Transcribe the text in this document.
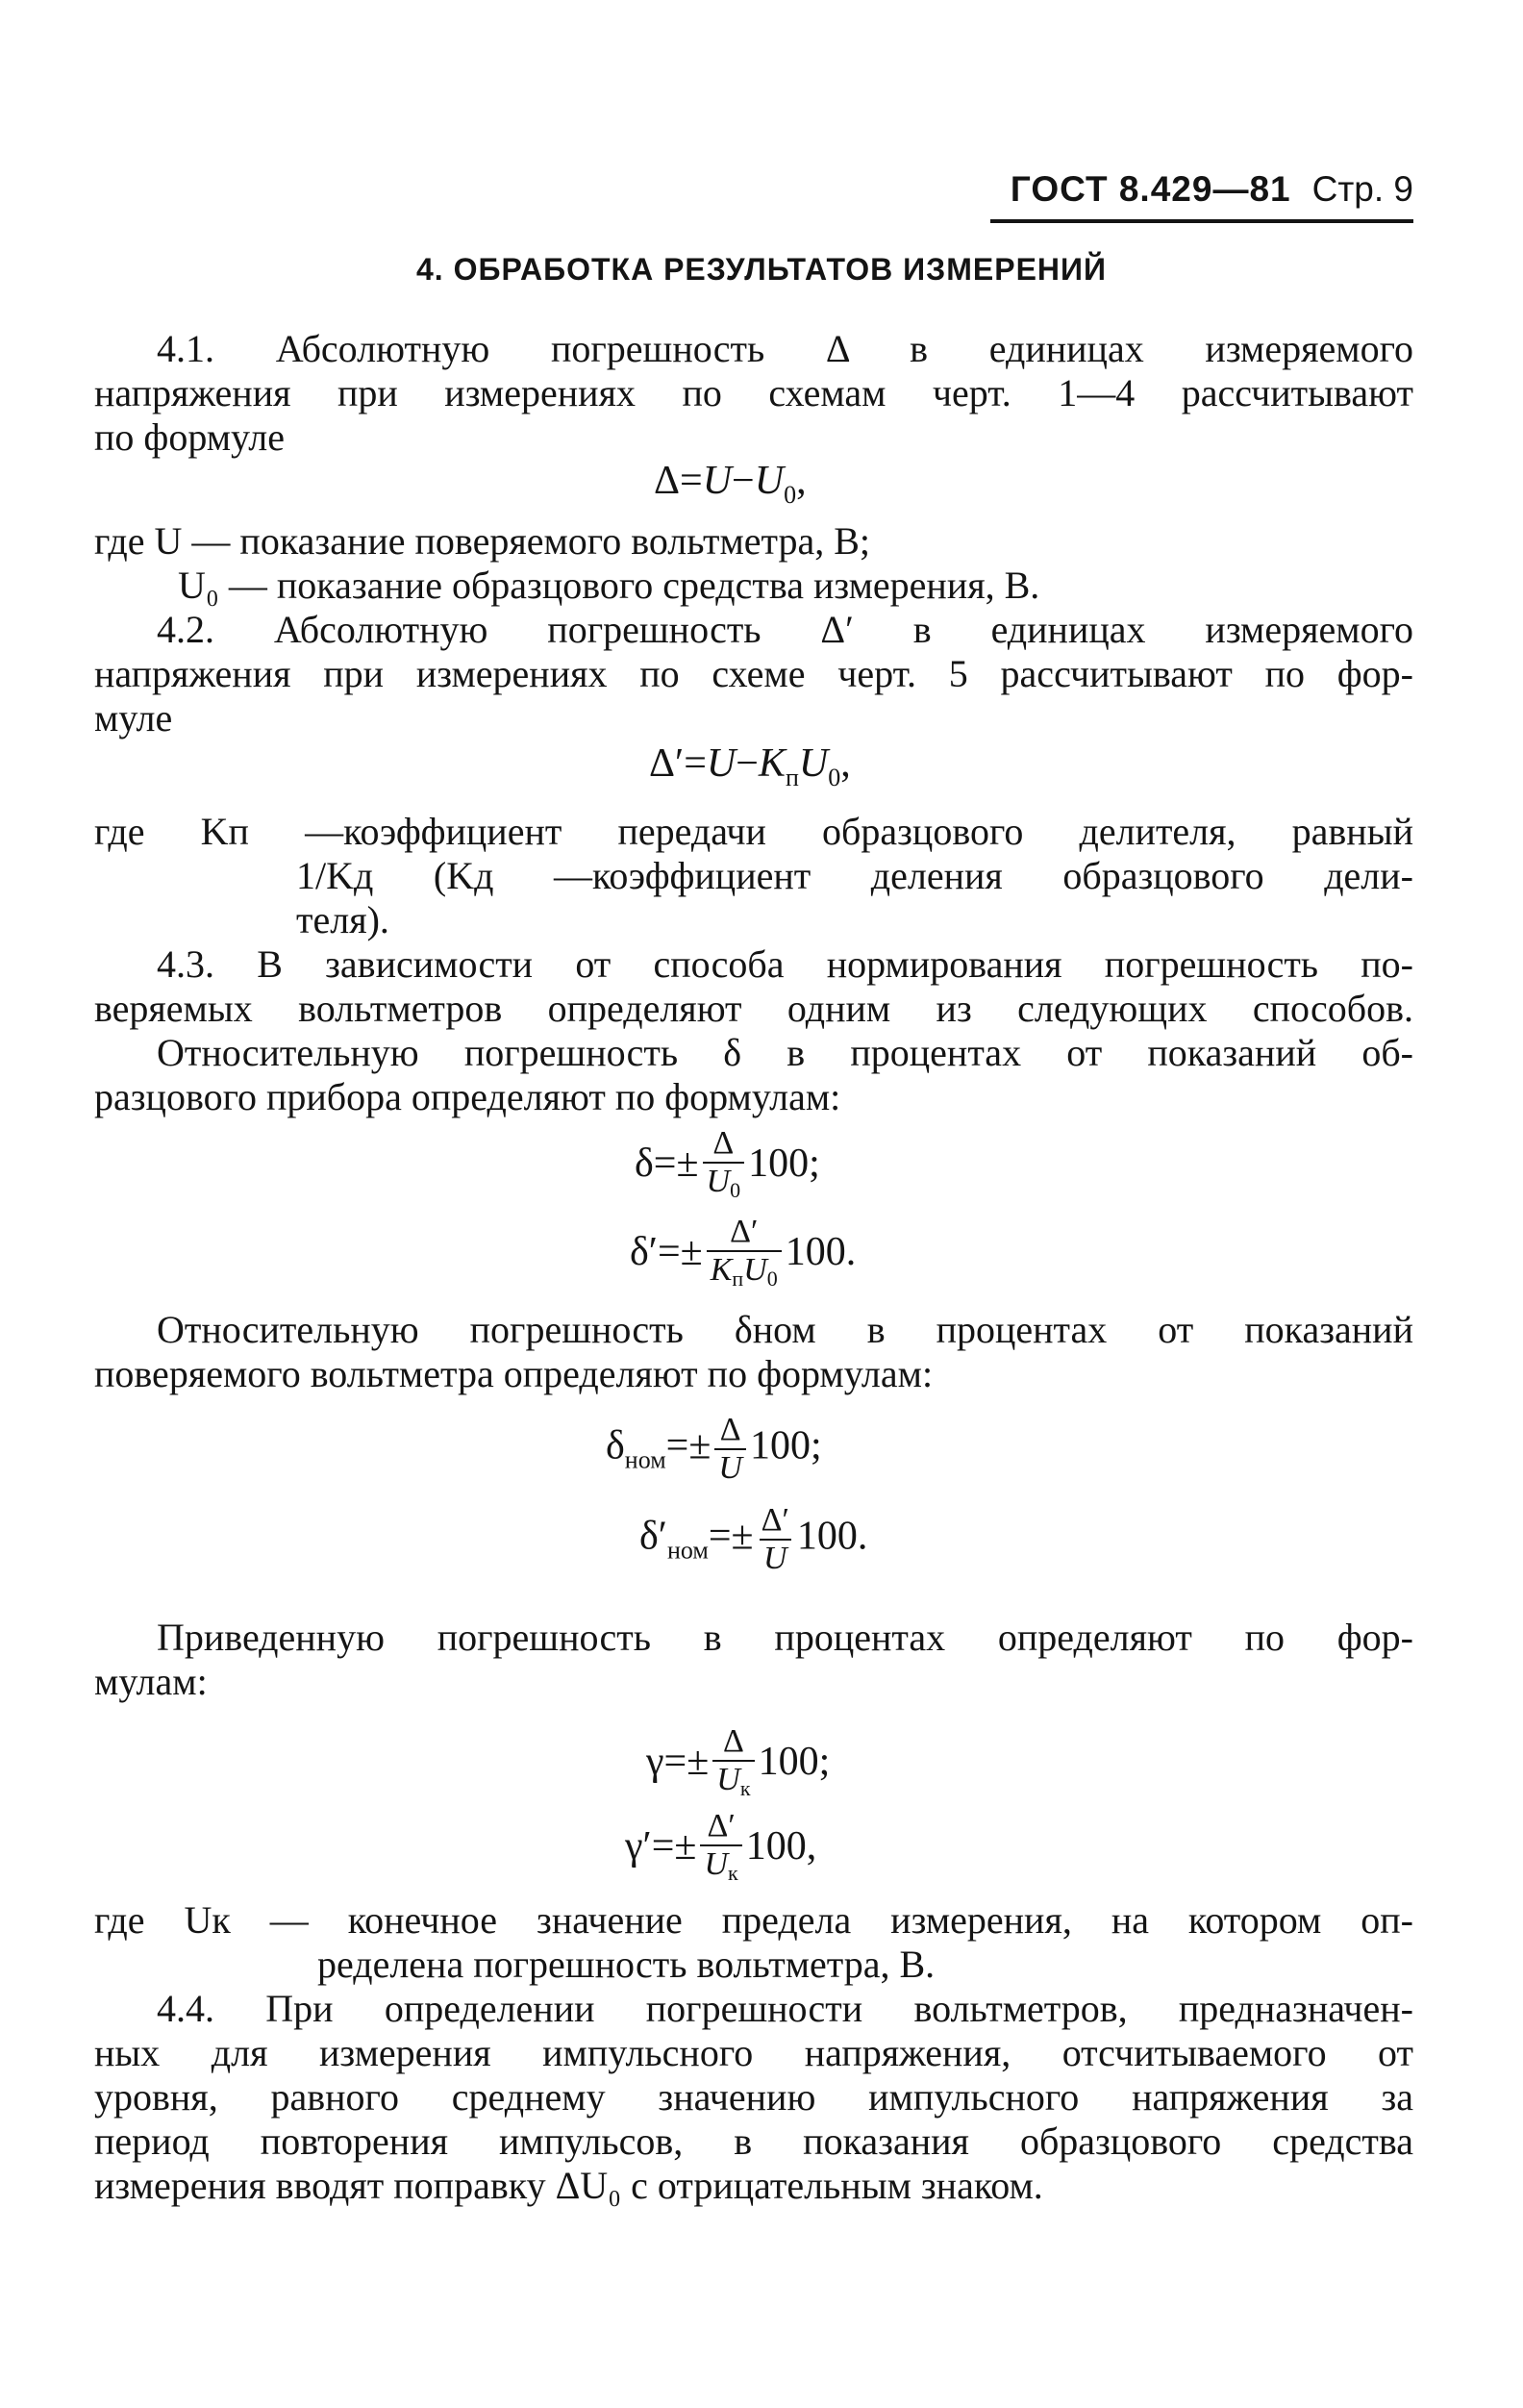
ГОСТ 8.429—81 Стр. 9
4. ОБРАБОТКА РЕЗУЛЬТАТОВ ИЗМЕРЕНИЙ
4.1. Абсолютную погрешность Δ в единицах измеряемого
напряжения при измерениях по схемам черт. 1—4 рассчитывают
по формуле
$\Delta=U-U_0$,
где U — показание поверяемого вольтметра, В;
U₀ — показание образцового средства измерения, В.
4.2. Абсолютную погрешность Δ′ в единицах измеряемого
напряжения при измерениях по схеме черт. 5 рассчитывают по фор-
муле
$\Delta'=U-K_пU_0$,
где Kп —коэффициент передачи образцового делителя, равный
1/Kд (Kд —коэффициент деления образцового дели-
теля).
4.3. В зависимости от способа нормирования погрешность по-
веряемых вольтметров определяют одним из следующих способов.
Относительную погрешность δ в процентах от показаний об-
разцового прибора определяют по формулам:
$\delta=\pm \frac{\Delta}{U_0} 100$;
$\delta'=\pm \frac{\Delta'}{K_пU_0} 100$.
Относительную погрешность δном в процентах от показаний
поверяемого вольтметра определяют по формулам:
$\delta_{ном}=\pm \frac{\Delta}{U} 100$;
$\delta'_{ном}=\pm \frac{\Delta'}{U} 100$.
Приведенную погрешность в процентах определяют по фор-
мулам:
$\gamma=\pm \frac{\Delta}{U_к} 100$;
$\gamma'=\pm \frac{\Delta'}{U_к} 100$,
где Uк — конечное значение предела измерения, на котором оп-
ределена погрешность вольтметра, В.
4.4. При определении погрешности вольтметров, предназначен-
ных для измерения импульсного напряжения, отсчитываемого от
уровня, равного среднему значению импульсного напряжения за
период повторения импульсов, в показания образцового средства
измерения вводят поправку ΔU₀ с отрицательным знаком.
